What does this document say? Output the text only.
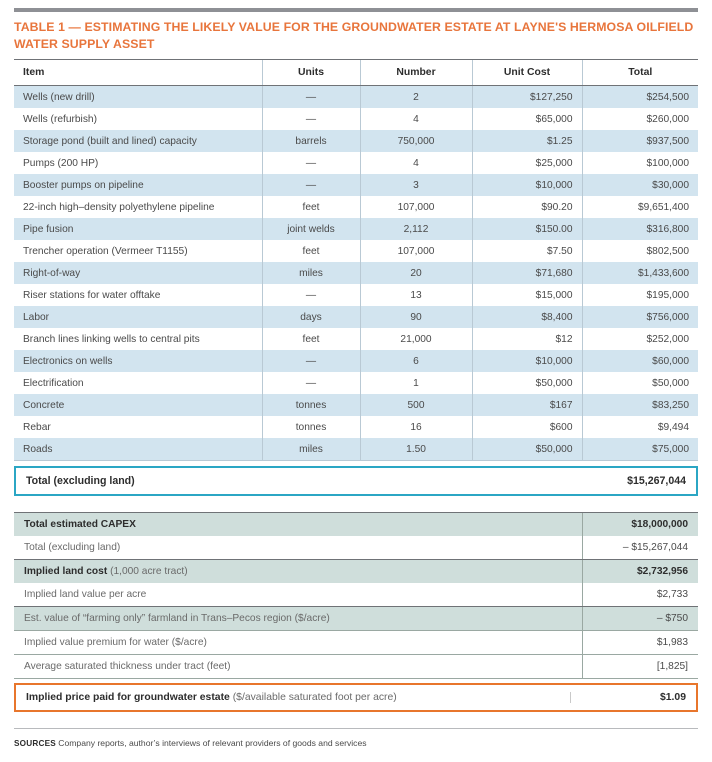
TABLE 1 — ESTIMATING THE LIKELY VALUE FOR THE GROUNDWATER ESTATE AT LAYNE'S HERMOSA OILFIELD WATER SUPPLY ASSET
Item	Units	Number	Unit Cost	Total
Wells (new drill)	—	2	$127,250	$254,500
Wells (refurbish)	—	4	$65,000	$260,000
Storage pond (built and lined) capacity	barrels	750,000	$1.25	$937,500
Pumps (200 HP)	—	4	$25,000	$100,000
Booster pumps on pipeline	—	3	$10,000	$30,000
22-inch high–density polyethylene pipeline	feet	107,000	$90.20	$9,651,400
Pipe fusion	joint welds	2,112	$150.00	$316,800
Trencher operation (Vermeer T1155)	feet	107,000	$7.50	$802,500
Right-of-way	miles	20	$71,680	$1,433,600
Riser stations for water offtake	—	13	$15,000	$195,000
Labor	days	90	$8,400	$756,000
Branch lines linking wells to central pits	feet	21,000	$12	$252,000
Electronics on wells	—	6	$10,000	$60,000
Electrification	—	1	$50,000	$50,000
Concrete	tonnes	500	$167	$83,250
Rebar	tonnes	16	$600	$9,494
Roads	miles	1.50	$50,000	$75,000
Total (excluding land)	$15,267,044
Total estimated CAPEX	$18,000,000
Total (excluding land)	– $15,267,044
Implied land cost (1,000 acre tract)	$2,732,956
Implied land value per acre	$2,733
Est. value of “farming only” farmland in Trans–Pecos region ($/acre)	– $750
Implied value premium for water ($/acre)	$1,983
Average saturated thickness under tract (feet)	[1,825]
Implied price paid for groundwater estate ($/available saturated foot per acre)	$1.09
SOURCES Company reports, author’s interviews of relevant providers of goods and services
